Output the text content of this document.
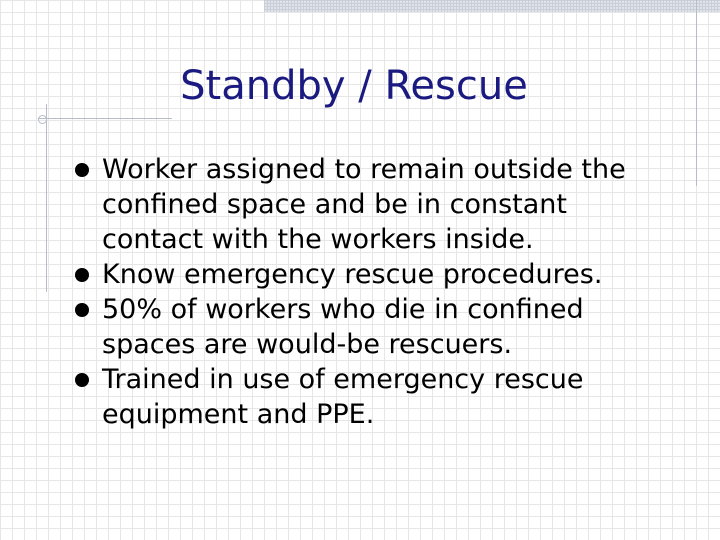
Standby / Rescue
Worker assigned to remain outside the confined space and be in constant contact with the workers inside.
Know emergency rescue procedures.
50% of workers who die in confined spaces are would-be rescuers.
Trained in use of emergency rescue equipment and PPE.
